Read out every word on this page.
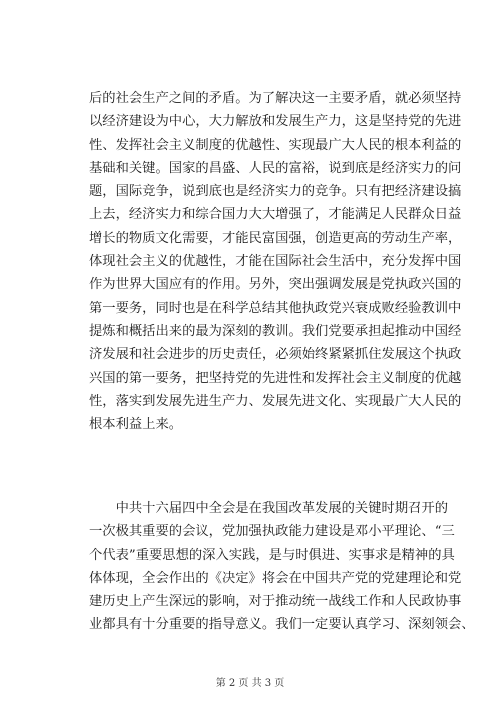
后的社会生产之间的矛盾。为了解决这一主要矛盾，就必须坚持
以经济建设为中心，大力解放和发展生产力，这是坚持党的先进
性、发挥社会主义制度的优越性、实现最广大人民的根本利益的
基础和关键。国家的昌盛、人民的富裕，说到底是经济实力的问
题，国际竞争，说到底也是经济实力的竞争。只有把经济建设搞
上去，经济实力和综合国力大大增强了，才能满足人民群众日益
增长的物质文化需要，才能民富国强，创造更高的劳动生产率，
体现社会主义的优越性，才能在国际社会生活中，充分发挥中国
作为世界大国应有的作用。另外，突出强调发展是党执政兴国的
第一要务，同时也是在科学总结其他执政党兴衰成败经验教训中
提炼和概括出来的最为深刻的教训。我们党要承担起推动中国经
济发展和社会进步的历史责任，必须始终紧紧抓住发展这个执政
兴国的第一要务，把坚持党的先进性和发挥社会主义制度的优越
性，落实到发展先进生产力、发展先进文化、实现最广大人民的
根本利益上来。
　　中共十六届四中全会是在我国改革发展的关键时期召开的
一次极其重要的会议，党加强执政能力建设是邓小平理论、“三
个代表”重要思想的深入实践，是与时俱进、实事求是精神的具
体体现，全会作出的《决定》将会在中国共产党的党建理论和党
建历史上产生深远的影响，对于推动统一战线工作和人民政协事
业都具有十分重要的指导意义。我们一定要认真学习、深刻领会、
第 2 页 共 3 页
